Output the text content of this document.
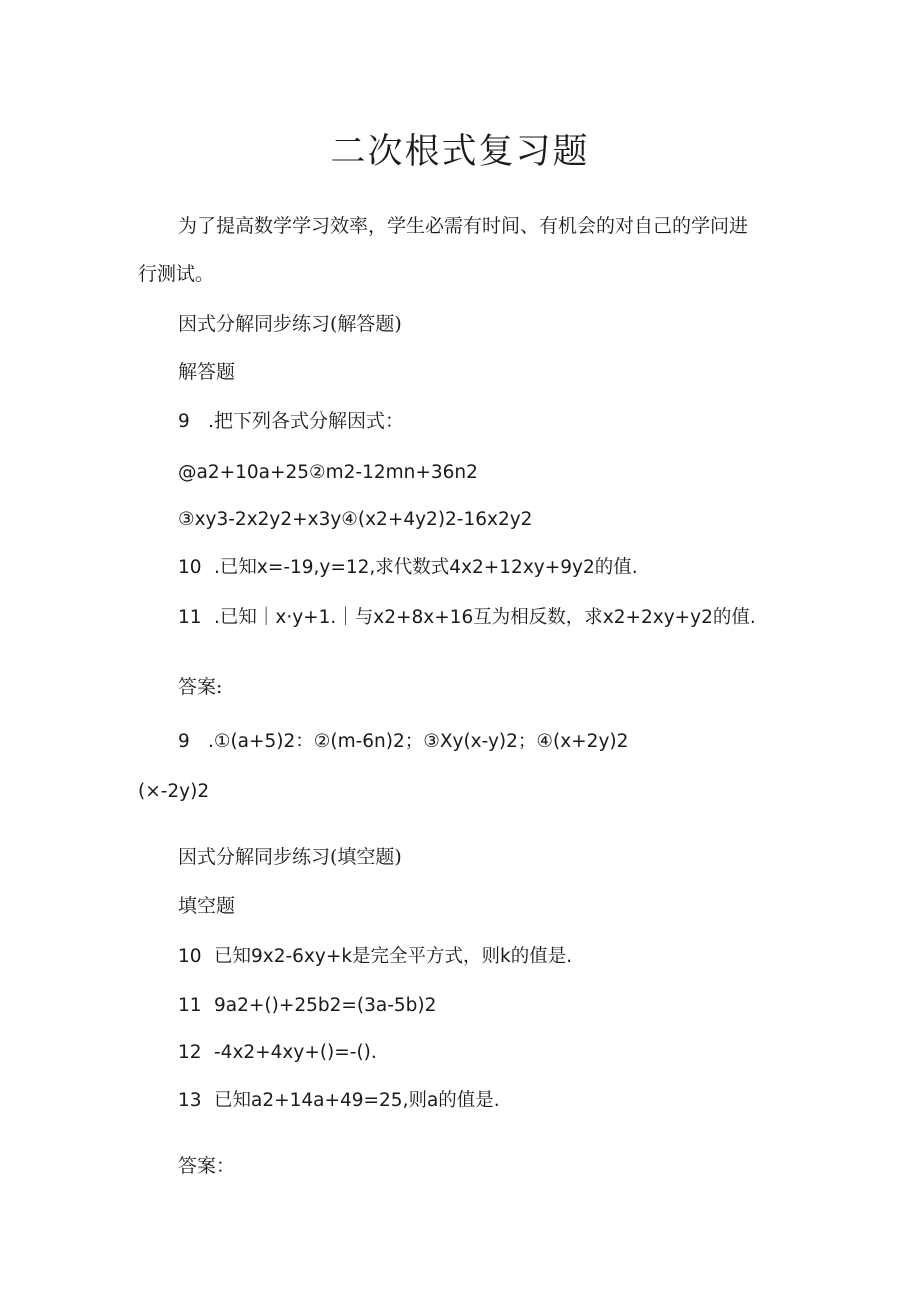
二次根式复习题

为了提高数学学习效率，学生必需有时间、有机会的对自己的学问进

行测试。

因式分解同步练习(解答题)

解答题

9 .把下列各式分解因式：

@a2+10a+25②m2-12mn+36n2

③xy3-2x2y2+x3y④(x2+4y2)2-16x2y2

10 .已知x=-19,y=12,求代数式4x2+12xy+9y2的值.

11 .已知｜x·y+1.｜与x2+8x+16互为相反数，求x2+2xy+y2的值.

答案:

9 .①(a+5)2：②(m-6n)2；③Xy(x-y)2；④(x+2y)2

(×-2y)2

因式分解同步练习(填空题)

填空题

10 已知9x2-6xy+k是完全平方式，则k的值是.

11 9a2+()+25b2=(3a-5b)2

12 -4x2+4xy+()=-().

13 已知a2+14a+49=25,则a的值是.

答案：
